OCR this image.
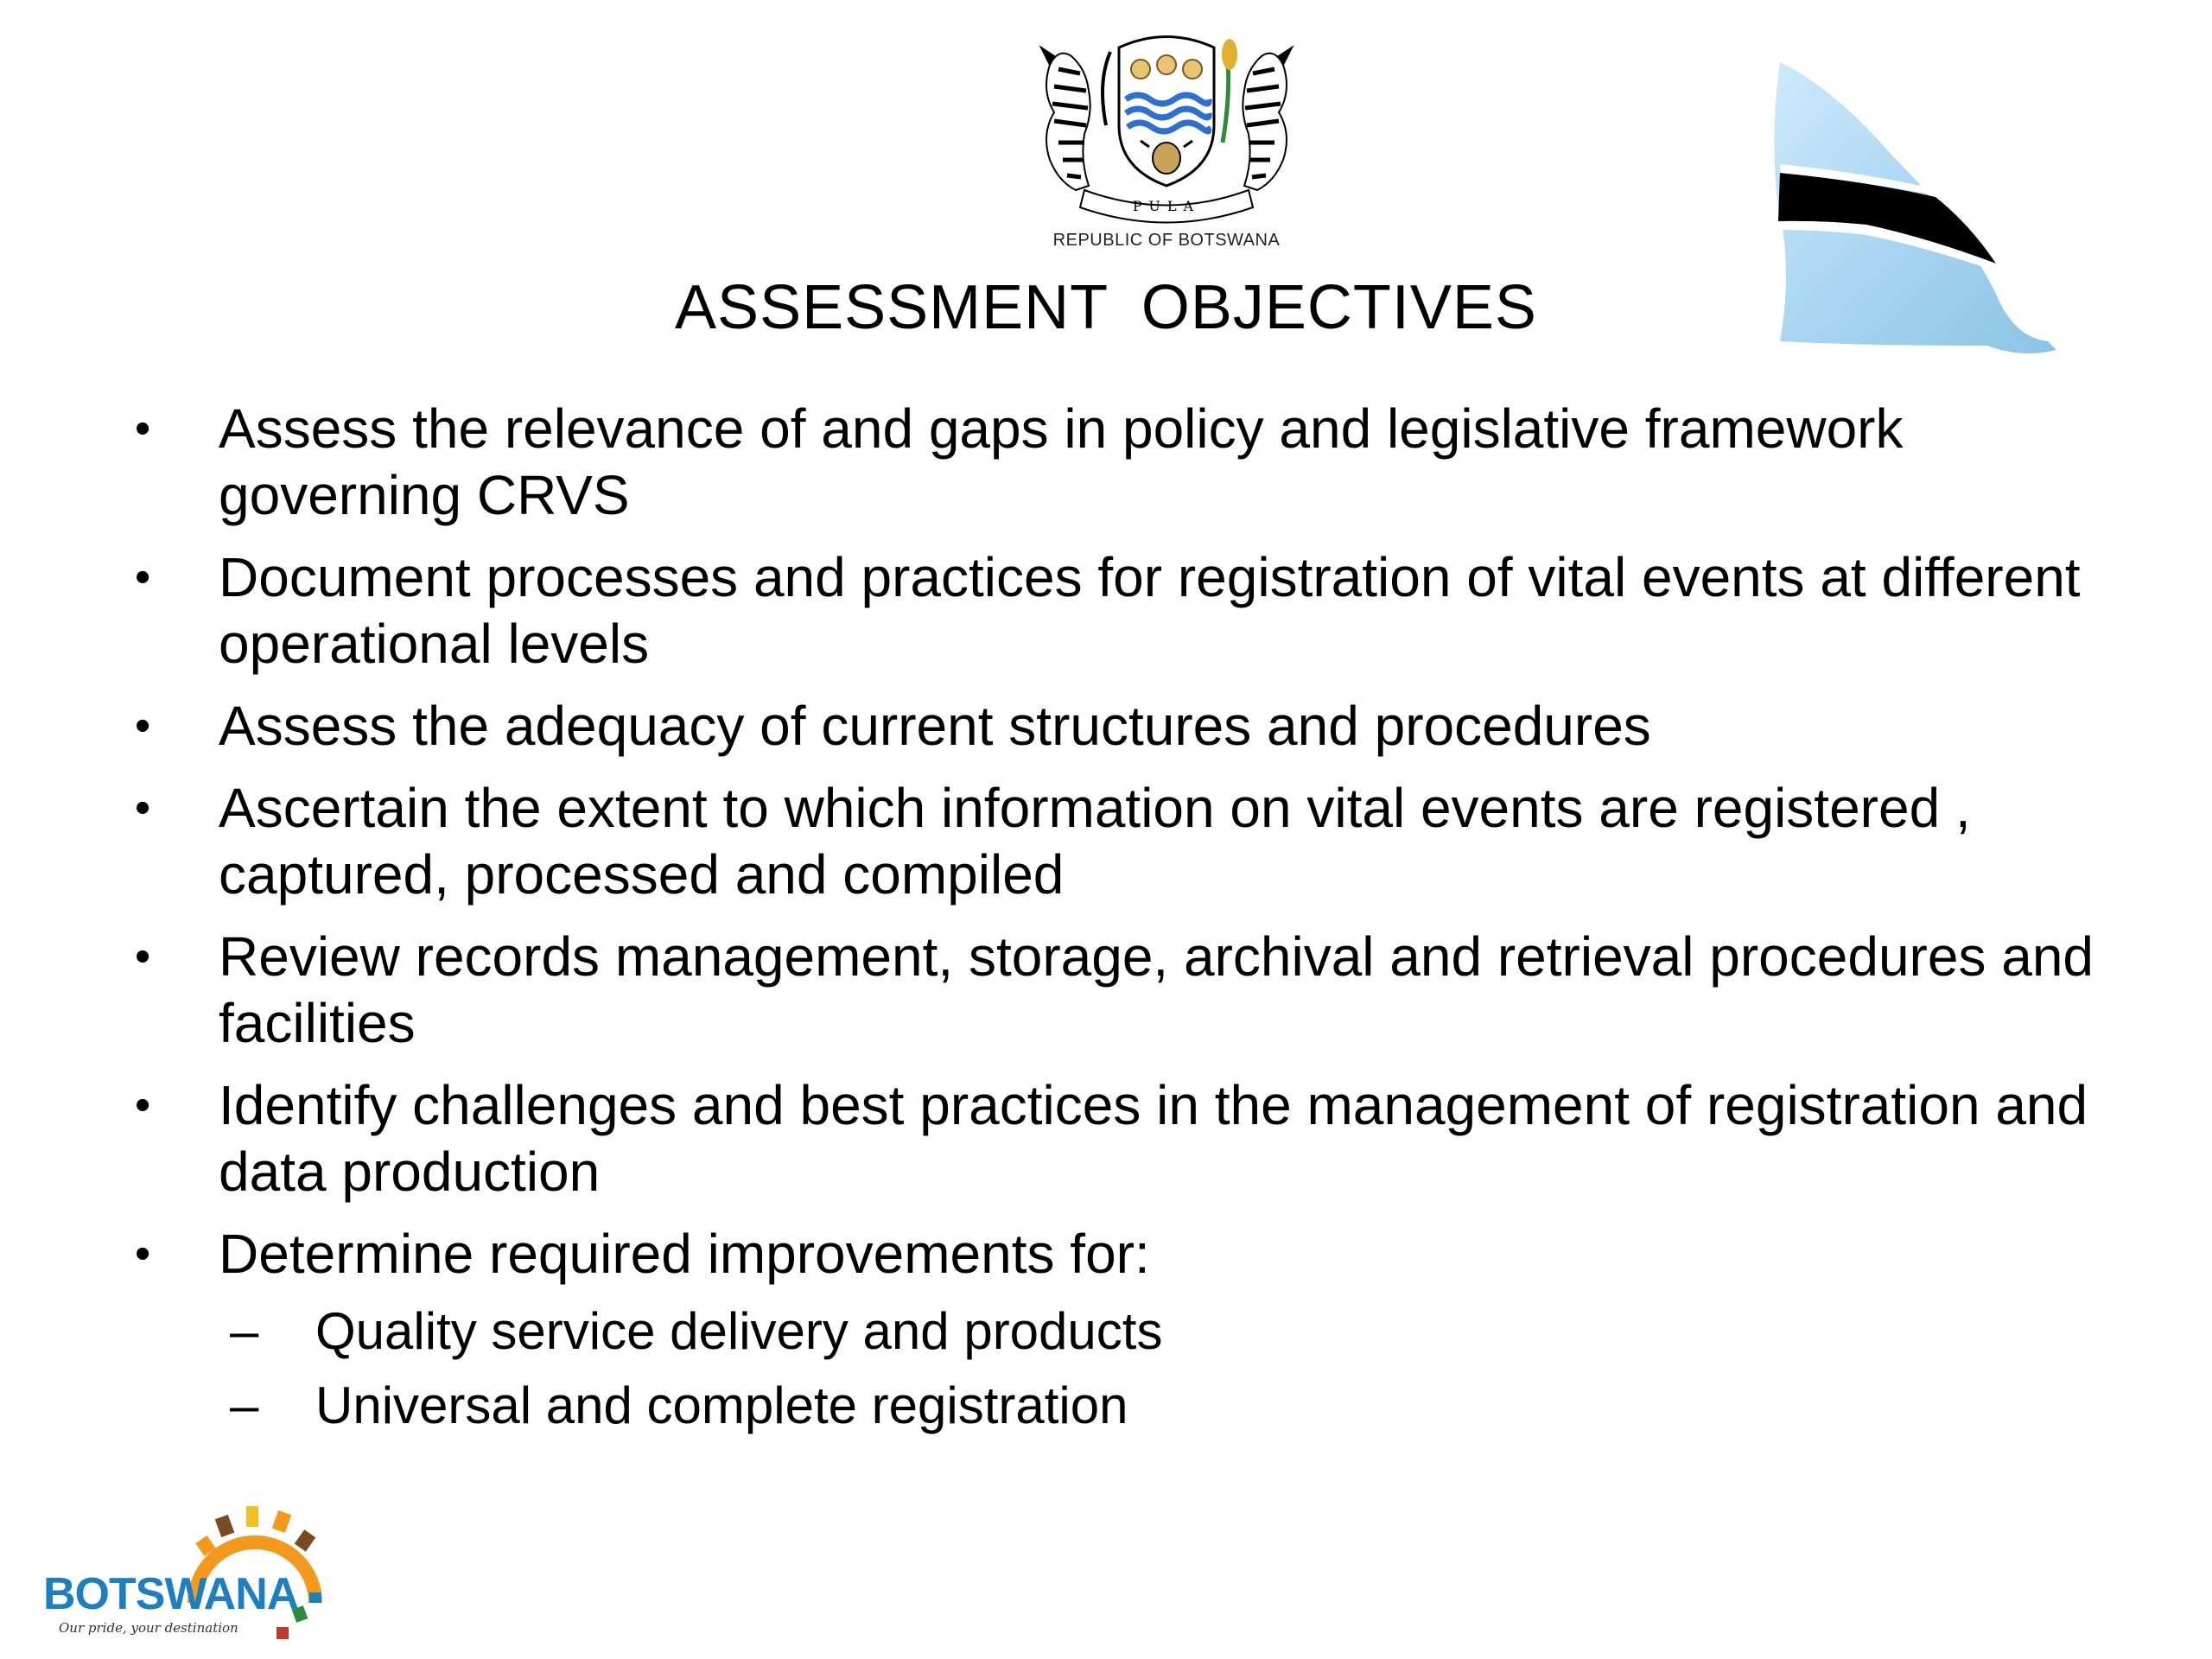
PULA
REPUBLIC OF BOTSWANA
ASSESSMENT OBJECTIVES
• Assess the relevance of and gaps in policy and legislative framework governing CRVS
• Document processes and practices for registration of vital events at different operational levels
• Assess the adequacy of current structures and procedures
• Ascertain the extent to which information on vital events are registered , captured, processed and compiled
• Review records management, storage, archival and retrieval procedures and facilities
• Identify challenges and best practices in the management of registration and data production
• Determine required improvements for:
– Quality service delivery and products
– Universal and complete registration
BOTSWANA
Our pride, your destination
